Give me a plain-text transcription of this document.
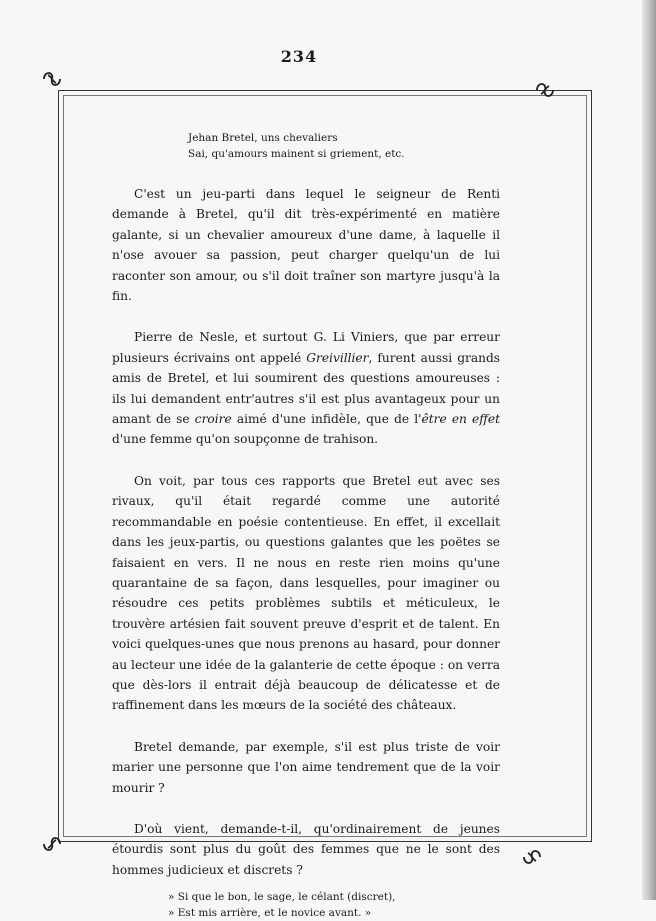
234
Jehan Bretel, uns chevaliers
Sai, qu'amours mainent si griement, etc.

C'est un jeu-parti dans lequel le seigneur de Renti demande à Bretel, qu'il dit très-expérimenté en matière galante, si un chevalier amoureux d'une dame, à laquelle il n'ose avouer sa passion, peut charger quelqu'un de lui raconter son amour, ou s'il doit traîner son martyre jusqu'à la fin.

Pierre de Nesle, et surtout G. Li Viniers, que par erreur plusieurs écrivains ont appelé Greivillier, furent aussi grands amis de Bretel, et lui soumirent des questions amoureuses : ils lui demandent entr'autres s'il est plus avantageux pour un amant de se croire aimé d'une infidèle, que de l'être en effet d'une femme qu'on soupçonne de trahison.

On voit, par tous ces rapports que Bretel eut avec ses rivaux, qu'il était regardé comme une autorité recommandable en poésie contentieuse. En effet, il excellait dans les jeux-partis, ou questions galantes que les poëtes se faisaient en vers. Il ne nous en reste rien moins qu'une quarantaine de sa façon, dans lesquelles, pour imaginer ou résoudre ces petits problèmes subtils et méticuleux, le trouvère artésien fait souvent preuve d'esprit et de talent. En voici quelques-unes que nous prenons au hasard, pour donner au lecteur une idée de la galanterie de cette époque : on verra que dès-lors il entrait déjà beaucoup de délicatesse et de raffinement dans les mœurs de la société des châteaux.

Bretel demande, par exemple, s'il est plus triste de voir marier une personne que l'on aime tendrement que de la voir mourir ?

D'où vient, demande-t-il, qu'ordinairement de jeunes étourdis sont plus du goût des femmes que ne le sont des hommes judicieux et discrets ?

» Si que le bon, le sage, le célant (discret),
» Est mis arrière, et le novice avant. »
